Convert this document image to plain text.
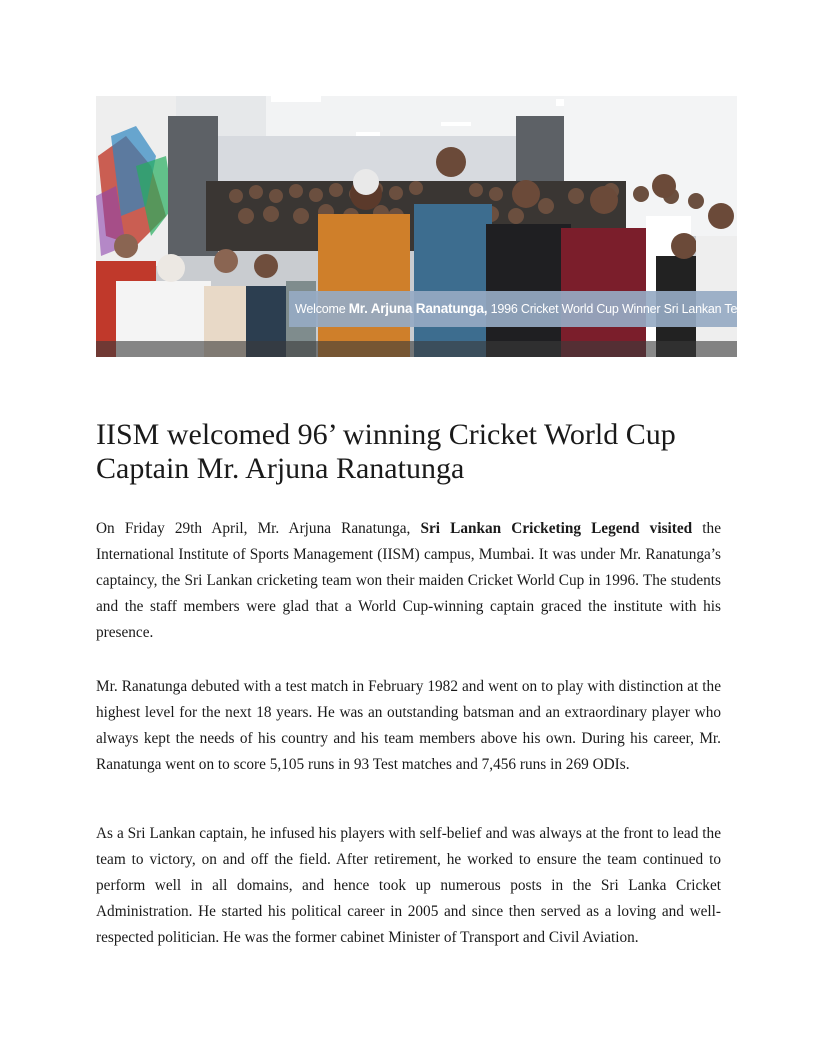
Welcome Mr. Arjuna Ranatunga, 1996 Cricket World Cup Winner Sri Lankan Team Captain
IISM welcomed 96’ winning Cricket World Cup Captain Mr. Arjuna Ranatunga

On Friday 29th April, Mr. Arjuna Ranatunga, Sri Lankan Cricketing Legend visited the International Institute of Sports Management (IISM) campus, Mumbai. It was under Mr. Ranatunga’s captaincy, the Sri Lankan cricketing team won their maiden Cricket World Cup in 1996. The students and the staff members were glad that a World Cup-winning captain graced the institute with his presence.

Mr. Ranatunga debuted with a test match in February 1982 and went on to play with distinction at the highest level for the next 18 years. He was an outstanding batsman and an extraordinary player who always kept the needs of his country and his team members above his own. During his career, Mr. Ranatunga went on to score 5,105 runs in 93 Test matches and 7,456 runs in 269 ODIs.

As a Sri Lankan captain, he infused his players with self-belief and was always at the front to lead the team to victory, on and off the field. After retirement, he worked to ensure the team continued to perform well in all domains, and hence took up numerous posts in the Sri Lanka Cricket Administration. He started his political career in 2005 and since then served as a loving and well-respected politician. He was the former cabinet Minister of Transport and Civil Aviation.
